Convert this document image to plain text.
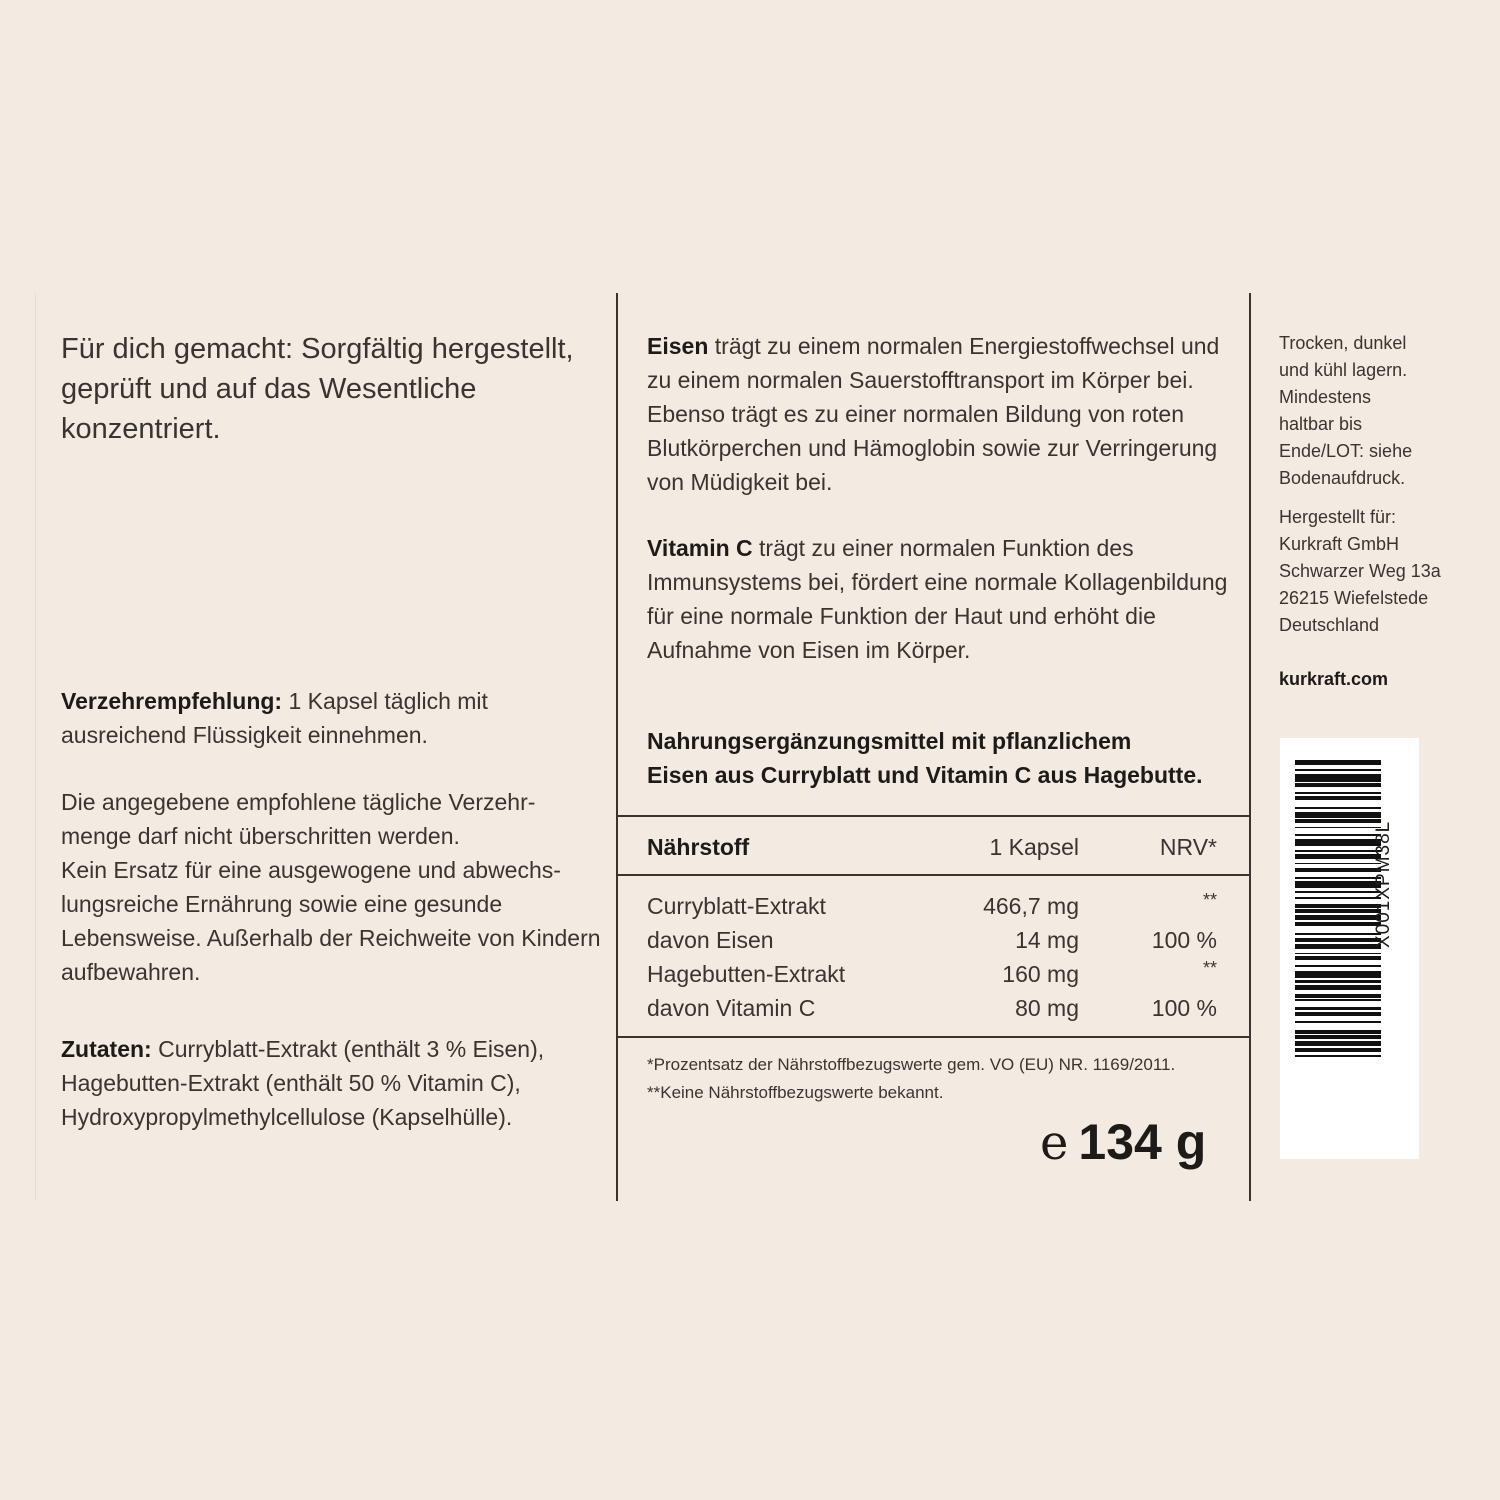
Für dich gemacht: Sorgfältig hergestellt, geprüft und auf das Wesentliche konzentriert.
Verzehrempfehlung: 1 Kapsel täglich mit ausreichend Flüssigkeit einnehmen.
Die angegebene empfohlene tägliche Verzehr-menge darf nicht überschritten werden.
Kein Ersatz für eine ausgewogene und abwechs-lungsreiche Ernährung sowie eine gesunde Lebensweise. Außerhalb der Reichweite von Kindern aufbewahren.
Zutaten: Curryblatt-Extrakt (enthält 3 % Eisen), Hagebutten-Extrakt (enthält 50 % Vitamin C), Hydroxypropylmethylcellulose (Kapselhülle).
Eisen trägt zu einem normalen Energiestoffwechsel und zu einem normalen Sauerstofftransport im Körper bei. Ebenso trägt es zu einer normalen Bildung von roten Blutkörperchen und Hämoglobin sowie zur Verringerung von Müdigkeit bei.
Vitamin C trägt zu einer normalen Funktion des Immunsystems bei, fördert eine normale Kollagenbildung für eine normale Funktion der Haut und erhöht die Aufnahme von Eisen im Körper.
Nahrungsergänzungsmittel mit pflanzlichem
Eisen aus Curryblatt und Vitamin C aus Hagebutte.
Nährstoff	1 Kapsel	NRV*
Curryblatt-Extrakt	466,7 mg	**
davon Eisen	14 mg	100 %
Hagebutten-Extrakt	160 mg	**
davon Vitamin C	80 mg	100 %
*Prozentsatz der Nährstoffbezugswerte gem. VO (EU) NR. 1169/2011.
**Keine Nährstoffbezugswerte bekannt.
e 134 g
Trocken, dunkel
und kühl lagern.
Mindestens
haltbar bis
Ende/LOT: siehe
Bodenaufdruck.
Hergestellt für:
Kurkraft GmbH
Schwarzer Weg 13a
26215 Wiefelstede
Deutschland
kurkraft.com
X001XPM38L
